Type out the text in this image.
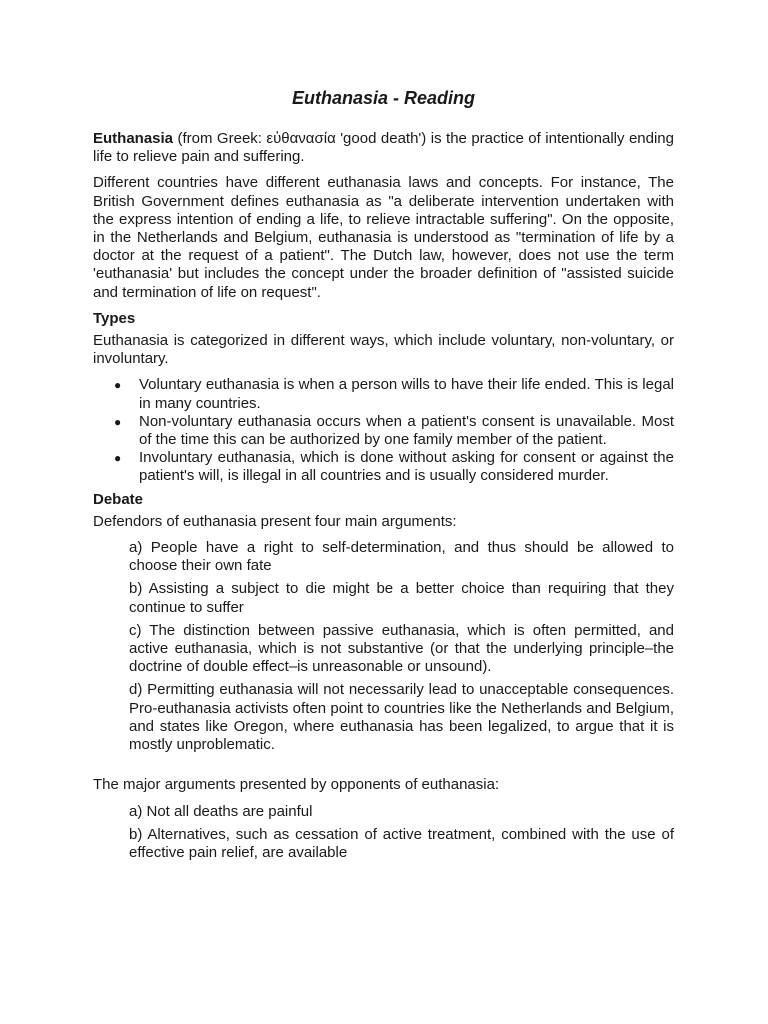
Euthanasia - Reading

Euthanasia (from Greek: εὐθανασία 'good death') is the practice of intentionally ending life to relieve pain and suffering.

Different countries have different euthanasia laws and concepts. For instance, The British Government defines euthanasia as "a deliberate intervention undertaken with the express intention of ending a life, to relieve intractable suffering". On the opposite, in the Netherlands and Belgium, euthanasia is understood as "termination of life by a doctor at the request of a patient". The Dutch law, however, does not use the term 'euthanasia' but includes the concept under the broader definition of "assisted suicide and termination of life on request".

Types

Euthanasia is categorized in different ways, which include voluntary, non-voluntary, or involuntary.

● Voluntary euthanasia is when a person wills to have their life ended. This is legal in many countries.
● Non-voluntary euthanasia occurs when a patient's consent is unavailable. Most of the time this can be authorized by one family member of the patient.
● Involuntary euthanasia, which is done without asking for consent or against the patient's will, is illegal in all countries and is usually considered murder.
Debate

Defendors of euthanasia present four main arguments:

a) People have a right to self-determination, and thus should be allowed to choose their own fate
b) Assisting a subject to die might be a better choice than requiring that they continue to suffer
c) The distinction between passive euthanasia, which is often permitted, and active euthanasia, which is not substantive (or that the underlying principle–the doctrine of double effect–is unreasonable or unsound).
d) Permitting euthanasia will not necessarily lead to unacceptable consequences. Pro-euthanasia activists often point to countries like the Netherlands and Belgium, and states like Oregon, where euthanasia has been legalized, to argue that it is mostly unproblematic.

The major arguments presented by opponents of euthanasia:

a) Not all deaths are painful
b) Alternatives, such as cessation of active treatment, combined with the use of effective pain relief, are available
